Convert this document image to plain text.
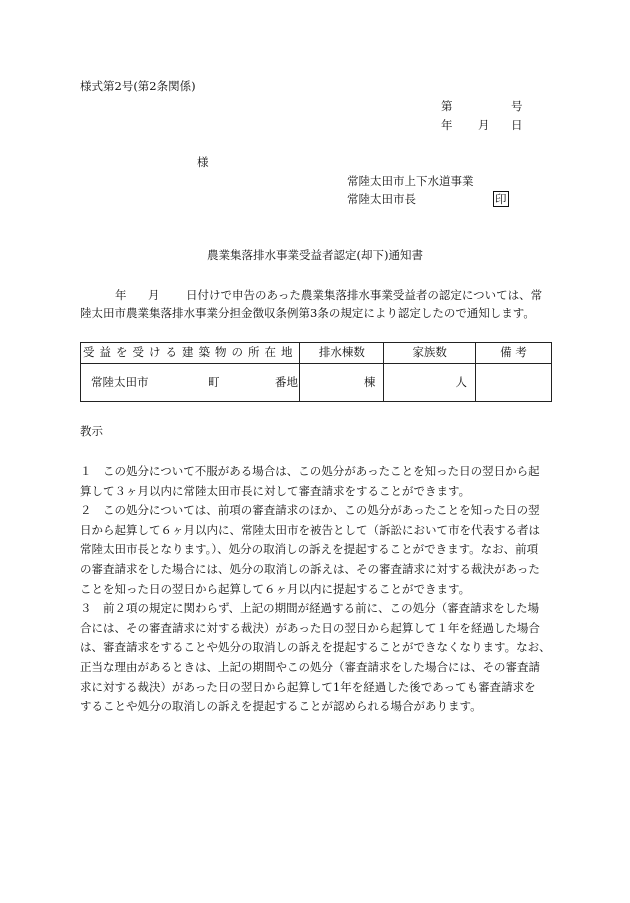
様式第2号(第2条関係)
第	号
年 月 日
様
常陸太田市上下水道事業
常陸太田市長	印
農業集落排水事業受益者認定(却下)通知書
年 月 日付けで申告のあった農業集落排水事業受益者の認定については、常
陸太田市農業集落排水事業分担金徴収条例第3条の規定により認定したので通知します。
受益を受ける建築物の所在地	排水棟数	家族数	備 考

常陸太田市 町 番地	棟	人	
教示
１　この処分について不服がある場合は、この処分があったことを知った日の翌日から起
算して３ヶ月以内に常陸太田市長に対して審査請求をすることができます。
２　この処分については、前項の審査請求のほか、この処分があったことを知った日の翌
日から起算して６ヶ月以内に、常陸太田市を被告として（訴訟において市を代表する者は
常陸太田市長となります。）、処分の取消しの訴えを提起することができます。なお、前項
の審査請求をした場合には、処分の取消しの訴えは、その審査請求に対する裁決があった
ことを知った日の翌日から起算して６ヶ月以内に提起することができます。
３　前２項の規定に関わらず、上記の期間が経過する前に、この処分（審査請求をした場
合には、その審査請求に対する裁決）があった日の翌日から起算して１年を経過した場合
は、審査請求をすることや処分の取消しの訴えを提起することができなくなります。なお、
正当な理由があるときは、上記の期間やこの処分（審査請求をした場合には、その審査請
求に対する裁決）があった日の翌日から起算して1年を経過した後であっても審査請求を
することや処分の取消しの訴えを提起することが認められる場合があります。
